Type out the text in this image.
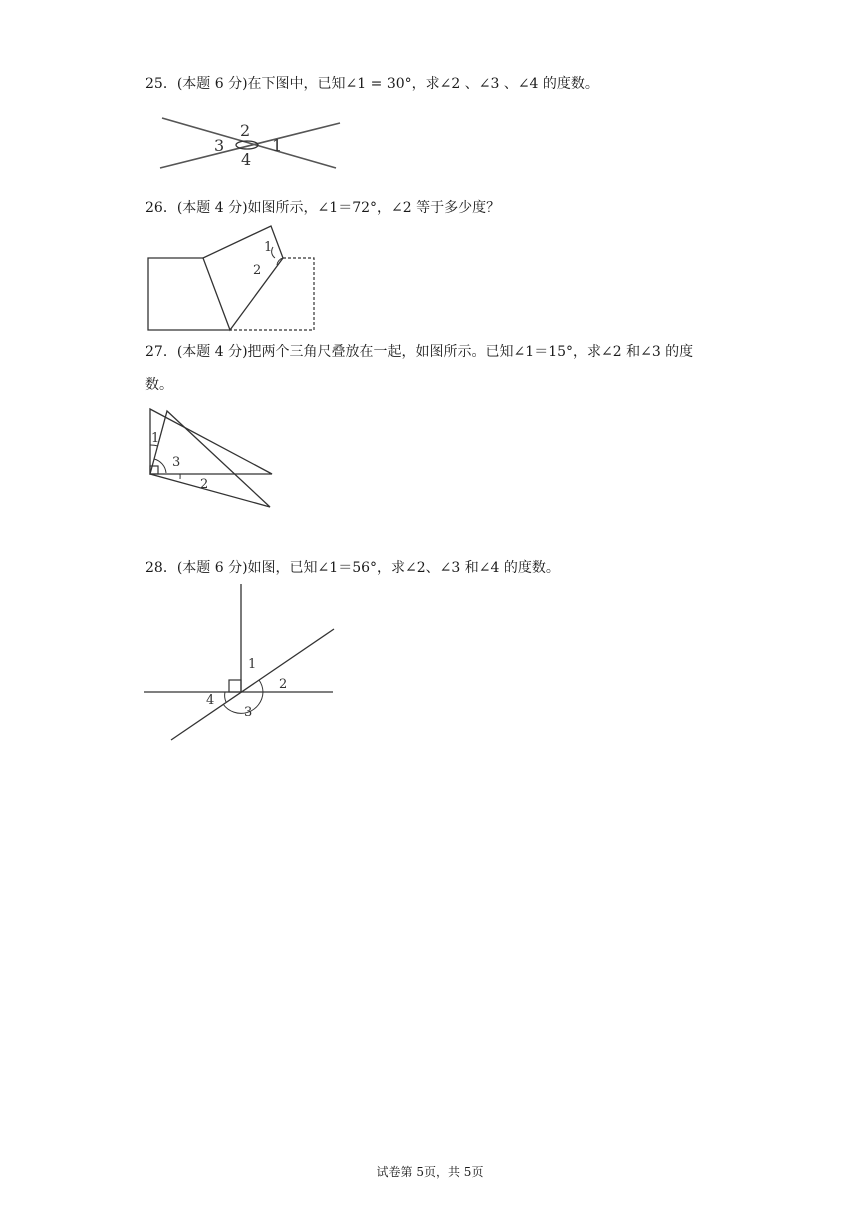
25．(本题 6 分)在下图中，已知∠1 = 30°，求∠2 、∠3 、∠4 的度数。
2
3	1
4
26．(本题 4 分)如图所示，∠1＝72°，∠2 等于多少度？
1
2
27．(本题 4 分)把两个三角尺叠放在一起，如图所示。已知∠1＝15°，求∠2 和∠3 的度
数。
1
3
2
28．(本题 6 分)如图，已知∠1＝56°，求∠2、∠3 和∠4 的度数。
1
2
4
3
试卷第 5页，共 5页
